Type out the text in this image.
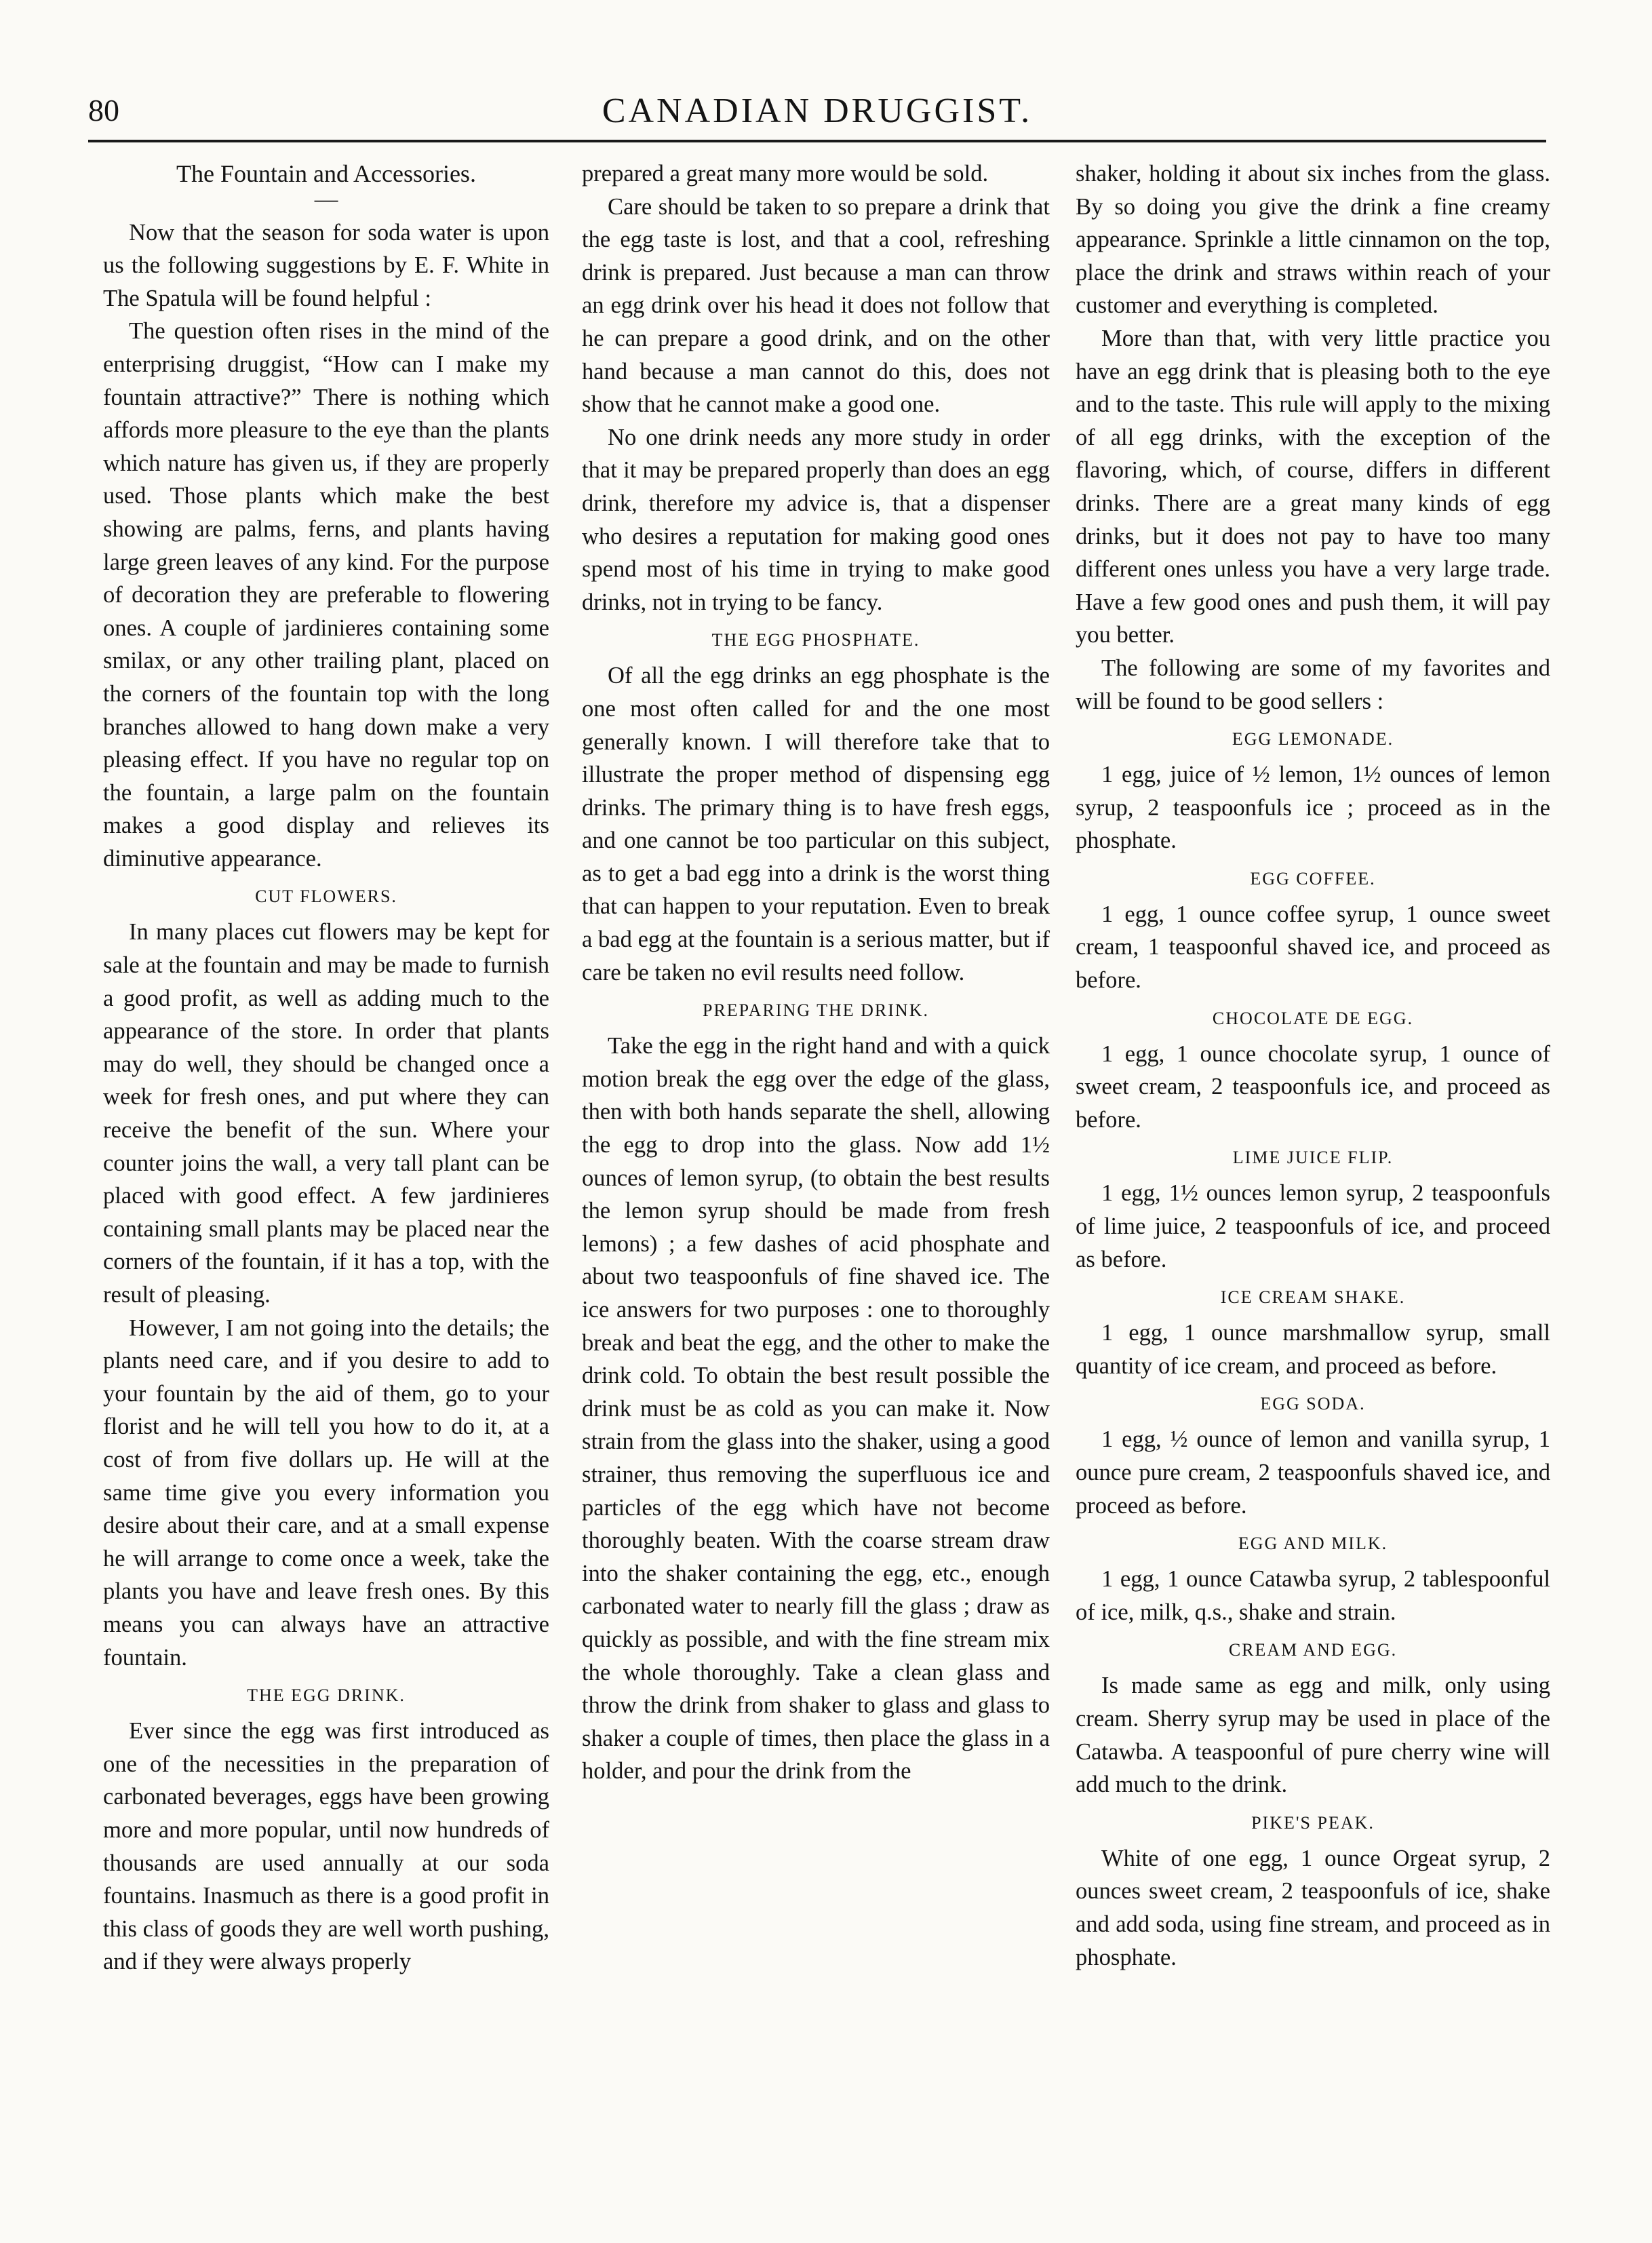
80	CANADIAN DRUGGIST.
The Fountain and Accessories.
—

Now that the season for soda water is upon us the following suggestions by E. F. White in The Spatula will be found helpful :

The question often rises in the mind of the enterprising druggist, “How can I make my fountain attractive?” There is nothing which affords more pleasure to the eye than the plants which nature has given us, if they are properly used. Those plants which make the best showing are palms, ferns, and plants having large green leaves of any kind. For the purpose of decoration they are preferable to flowering ones. A couple of jardinieres containing some smilax, or any other trailing plant, placed on the corners of the fountain top with the long branches allowed to hang down make a very pleasing effect. If you have no regular top on the fountain, a large palm on the fountain makes a good display and relieves its diminutive appearance.

CUT FLOWERS.

In many places cut flowers may be kept for sale at the fountain and may be made to furnish a good profit, as well as adding much to the appearance of the store. In order that plants may do well, they should be changed once a week for fresh ones, and put where they can receive the benefit of the sun. Where your counter joins the wall, a very tall plant can be placed with good effect. A few jardinieres containing small plants may be placed near the corners of the fountain, if it has a top, with the result of pleasing.

However, I am not going into the details; the plants need care, and if you desire to add to your fountain by the aid of them, go to your florist and he will tell you how to do it, at a cost of from five dollars up. He will at the same time give you every information you desire about their care, and at a small expense he will arrange to come once a week, take the plants you have and leave fresh ones. By this means you can always have an attractive fountain.

THE EGG DRINK.

Ever since the egg was first introduced as one of the necessities in the preparation of carbonated beverages, eggs have been growing more and more popular, until now hundreds of thousands are used annually at our soda fountains. Inasmuch as there is a good profit in this class of goods they are well worth pushing, and if they were always properly

prepared a great many more would be sold.

Care should be taken to so prepare a drink that the egg taste is lost, and that a cool, refreshing drink is prepared. Just because a man can throw an egg drink over his head it does not follow that he can prepare a good drink, and on the other hand because a man cannot do this, does not show that he cannot make a good one.

No one drink needs any more study in order that it may be prepared properly than does an egg drink, therefore my advice is, that a dispenser who desires a reputation for making good ones spend most of his time in trying to make good drinks, not in trying to be fancy.

THE EGG PHOSPHATE.

Of all the egg drinks an egg phosphate is the one most often called for and the one most generally known. I will therefore take that to illustrate the proper method of dispensing egg drinks. The primary thing is to have fresh eggs, and one cannot be too particular on this subject, as to get a bad egg into a drink is the worst thing that can happen to your reputation. Even to break a bad egg at the fountain is a serious matter, but if care be taken no evil results need follow.

PREPARING THE DRINK.

Take the egg in the right hand and with a quick motion break the egg over the edge of the glass, then with both hands separate the shell, allowing the egg to drop into the glass. Now add 1½ ounces of lemon syrup, (to obtain the best results the lemon syrup should be made from fresh lemons) ; a few dashes of acid phosphate and about two teaspoonfuls of fine shaved ice. The ice answers for two purposes : one to thoroughly break and beat the egg, and the other to make the drink cold. To obtain the best result possible the drink must be as cold as you can make it. Now strain from the glass into the shaker, using a good strainer, thus removing the superfluous ice and particles of the egg which have not become thoroughly beaten. With the coarse stream draw into the shaker containing the egg, etc., enough carbonated water to nearly fill the glass ; draw as quickly as possible, and with the fine stream mix the whole thoroughly. Take a clean glass and throw the drink from shaker to glass and glass to shaker a couple of times, then place the glass in a holder, and pour the drink from the

shaker, holding it about six inches from the glass. By so doing you give the drink a fine creamy appearance. Sprinkle a little cinnamon on the top, place the drink and straws within reach of your customer and everything is completed.

More than that, with very little practice you have an egg drink that is pleasing both to the eye and to the taste. This rule will apply to the mixing of all egg drinks, with the exception of the flavoring, which, of course, differs in different drinks. There are a great many kinds of egg drinks, but it does not pay to have too many different ones unless you have a very large trade. Have a few good ones and push them, it will pay you better.

The following are some of my favorites and will be found to be good sellers :

EGG LEMONADE.

1 egg, juice of ½ lemon, 1½ ounces of lemon syrup, 2 teaspoonfuls ice ; proceed as in the phosphate.

EGG COFFEE.

1 egg, 1 ounce coffee syrup, 1 ounce sweet cream, 1 teaspoonful shaved ice, and proceed as before.

CHOCOLATE DE EGG.

1 egg, 1 ounce chocolate syrup, 1 ounce of sweet cream, 2 teaspoonfuls ice, and proceed as before.

LIME JUICE FLIP.

1 egg, 1½ ounces lemon syrup, 2 teaspoonfuls of lime juice, 2 teaspoonfuls of ice, and proceed as before.

ICE CREAM SHAKE.

1 egg, 1 ounce marshmallow syrup, small quantity of ice cream, and proceed as before.

EGG SODA.

1 egg, ½ ounce of lemon and vanilla syrup, 1 ounce pure cream, 2 teaspoonfuls shaved ice, and proceed as before.

EGG AND MILK.

1 egg, 1 ounce Catawba syrup, 2 tablespoonful of ice, milk, q.s., shake and strain.

CREAM AND EGG.

Is made same as egg and milk, only using cream. Sherry syrup may be used in place of the Catawba. A teaspoonful of pure cherry wine will add much to the drink.

PIKE'S PEAK.

White of one egg, 1 ounce Orgeat syrup, 2 ounces sweet cream, 2 teaspoonfuls of ice, shake and add soda, using fine stream, and proceed as in phosphate.
